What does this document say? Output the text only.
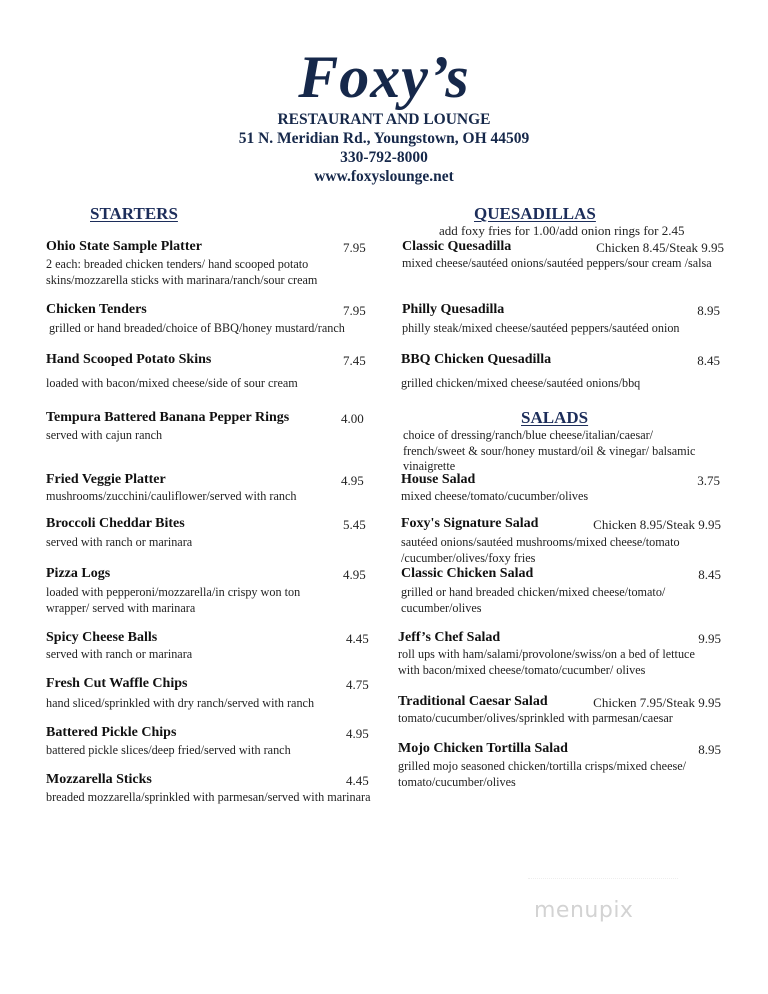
Foxy’s
RESTAURANT AND LOUNGE
51 N. Meridian Rd., Youngstown, OH 44509
330-792-8000
www.foxyslounge.net
STARTERS
Ohio State Sample Platter	7.95
2 each: breaded chicken tenders/ hand scooped potato skins/mozzarella sticks with marinara/ranch/sour cream
Chicken Tenders	7.95
grilled or hand breaded/choice of BBQ/honey mustard/ranch
Hand Scooped Potato Skins	7.45
loaded with bacon/mixed cheese/side of sour cream
Tempura Battered Banana Pepper Rings	4.00
served with cajun ranch
Fried Veggie Platter	4.95
mushrooms/zucchini/cauliflower/served with ranch
Broccoli Cheddar Bites	5.45
served with ranch or marinara
Pizza Logs	4.95
loaded with pepperoni/mozzarella/in crispy won ton wrapper/ served with marinara
Spicy Cheese Balls	4.45
served with ranch or marinara
Fresh Cut Waffle Chips	4.75
hand sliced/sprinkled with dry ranch/served with ranch
Battered Pickle Chips	4.95
battered pickle slices/deep fried/served with ranch
Mozzarella Sticks	4.45
breaded mozzarella/sprinkled with parmesan/served with marinara
QUESADILLAS
add foxy fries for 1.00/add onion rings for 2.45
Classic Quesadilla	Chicken 8.45/Steak 9.95
mixed cheese/sautéed onions/sautéed peppers/sour cream /salsa
Philly Quesadilla	8.95
philly steak/mixed cheese/sautéed peppers/sautéed onion
BBQ Chicken Quesadilla	8.45
grilled chicken/mixed cheese/sautéed onions/bbq
SALADS
choice of dressing/ranch/blue cheese/italian/caesar/ french/sweet & sour/honey mustard/oil & vinegar/ balsamic vinaigrette
House Salad	3.75
mixed cheese/tomato/cucumber/olives
Foxy's Signature Salad	Chicken 8.95/Steak 9.95
sautéed onions/sautéed mushrooms/mixed cheese/tomato /cucumber/olives/foxy fries
Classic Chicken Salad	8.45
grilled or hand breaded chicken/mixed cheese/tomato/ cucumber/olives
Jeff’s Chef Salad	9.95
roll ups with ham/salami/provolone/swiss/on a bed of lettuce with bacon/mixed cheese/tomato/cucumber/ olives
Traditional Caesar Salad	Chicken 7.95/Steak 9.95
tomato/cucumber/olives/sprinkled with parmesan/caesar
Mojo Chicken Tortilla Salad	8.95
grilled mojo seasoned chicken/tortilla crisps/mixed cheese/ tomato/cucumber/olives
menupix
